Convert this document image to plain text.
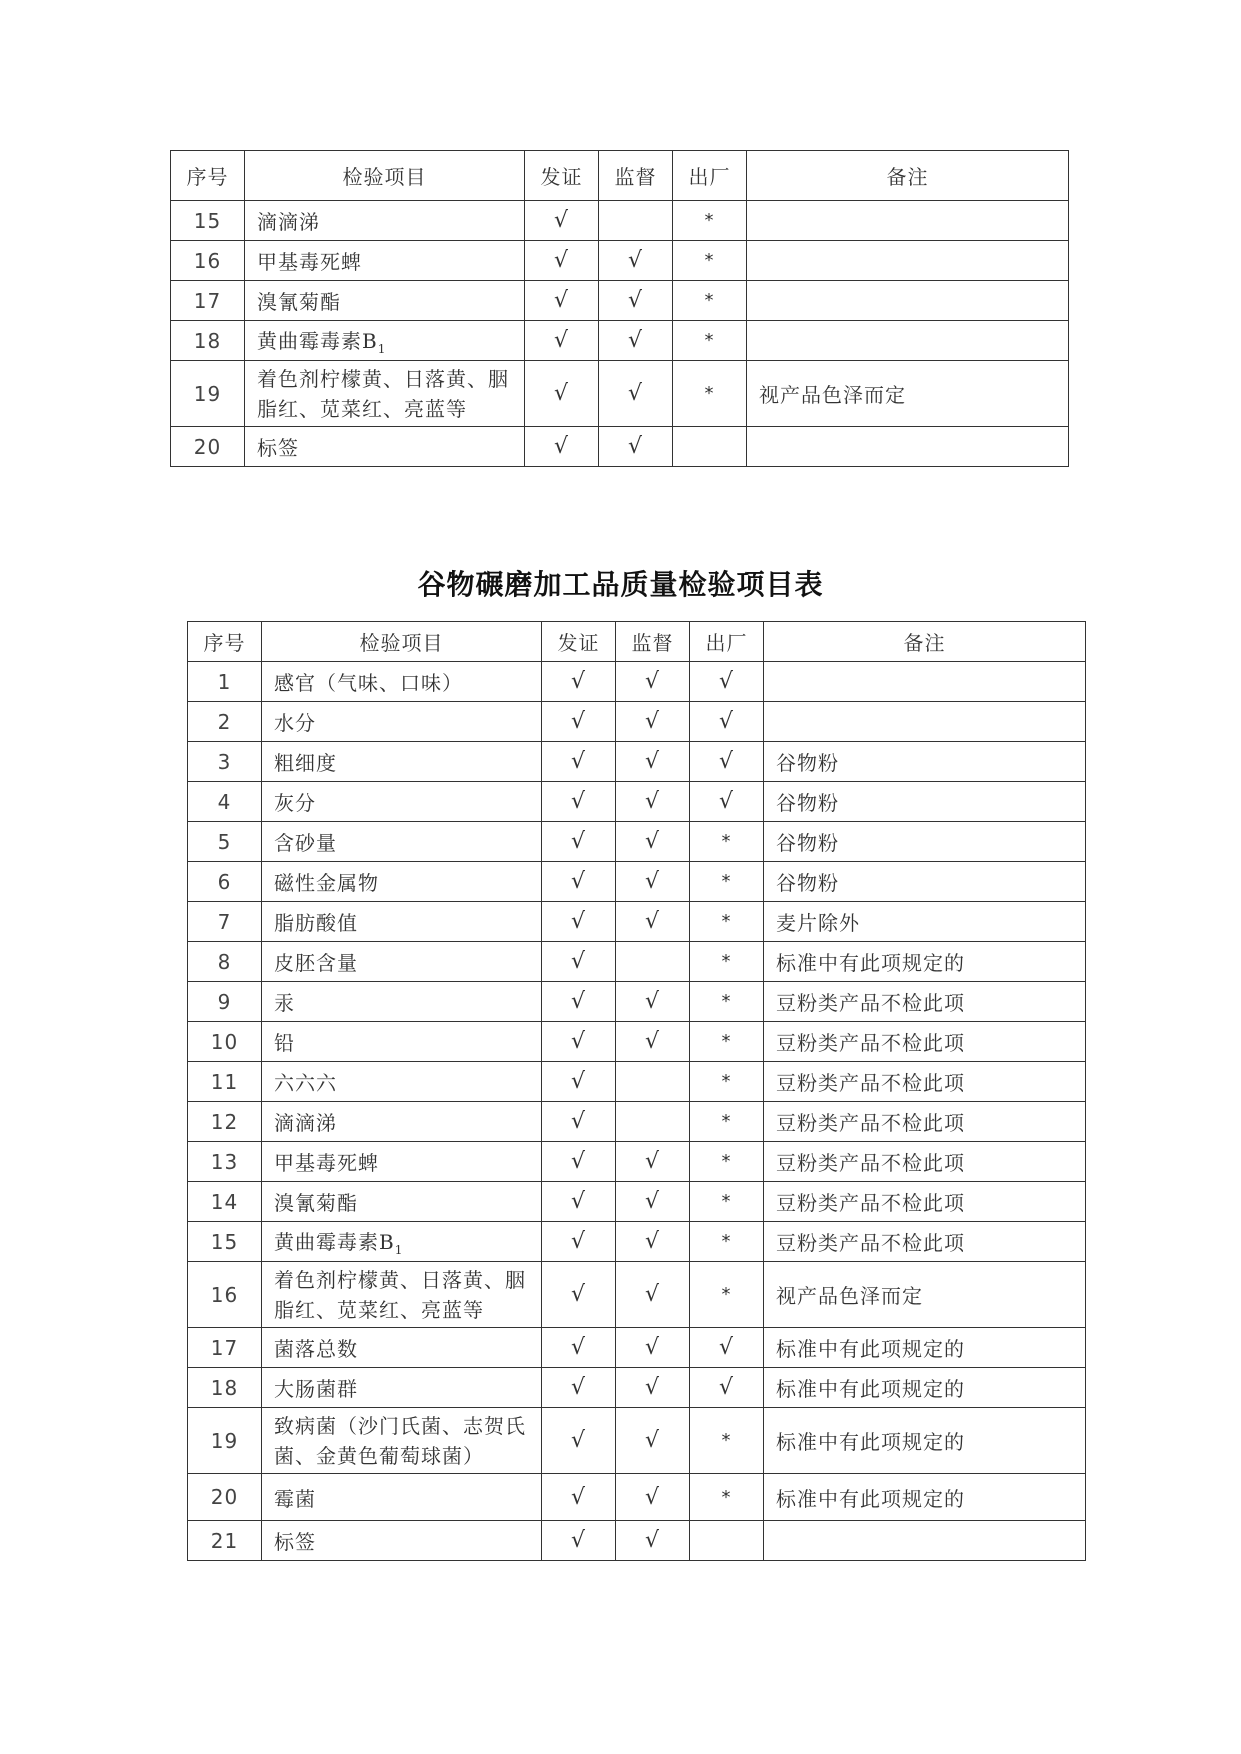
序号	检验项目	发证	监督	出厂	备注
15	滴滴涕	√		*	
16	甲基毒死蜱	√	√	*	
17	溴氰菊酯	√	√	*	
18	黄曲霉毒素$B_1$	√	√	*	
19	着色剂柠檬黄、日落黄、胭脂红、苋菜红、亮蓝等	√	√	*	视产品色泽而定
20	标签	√	√		
谷物碾磨加工品质量检验项目表
序号	检验项目	发证	监督	出厂	备注
1	感官（气味、口味）	√	√	√	
2	水分	√	√	√	
3	粗细度	√	√	√	谷物粉
4	灰分	√	√	√	谷物粉
5	含砂量	√	√	*	谷物粉
6	磁性金属物	√	√	*	谷物粉
7	脂肪酸值	√	√	*	麦片除外
8	皮胚含量	√		*	标准中有此项规定的
9	汞	√	√	*	豆粉类产品不检此项
10	铅	√	√	*	豆粉类产品不检此项
11	六六六	√		*	豆粉类产品不检此项
12	滴滴涕	√		*	豆粉类产品不检此项
13	甲基毒死蜱	√	√	*	豆粉类产品不检此项
14	溴氰菊酯	√	√	*	豆粉类产品不检此项
15	黄曲霉毒素$B_1$	√	√	*	豆粉类产品不检此项
16	着色剂柠檬黄、日落黄、胭脂红、苋菜红、亮蓝等	√	√	*	视产品色泽而定
17	菌落总数	√	√	√	标准中有此项规定的
18	大肠菌群	√	√	√	标准中有此项规定的
19	致病菌（沙门氏菌、志贺氏菌、金黄色葡萄球菌）	√	√	*	标准中有此项规定的
20	霉菌	√	√	*	标准中有此项规定的
21	标签	√	√		
